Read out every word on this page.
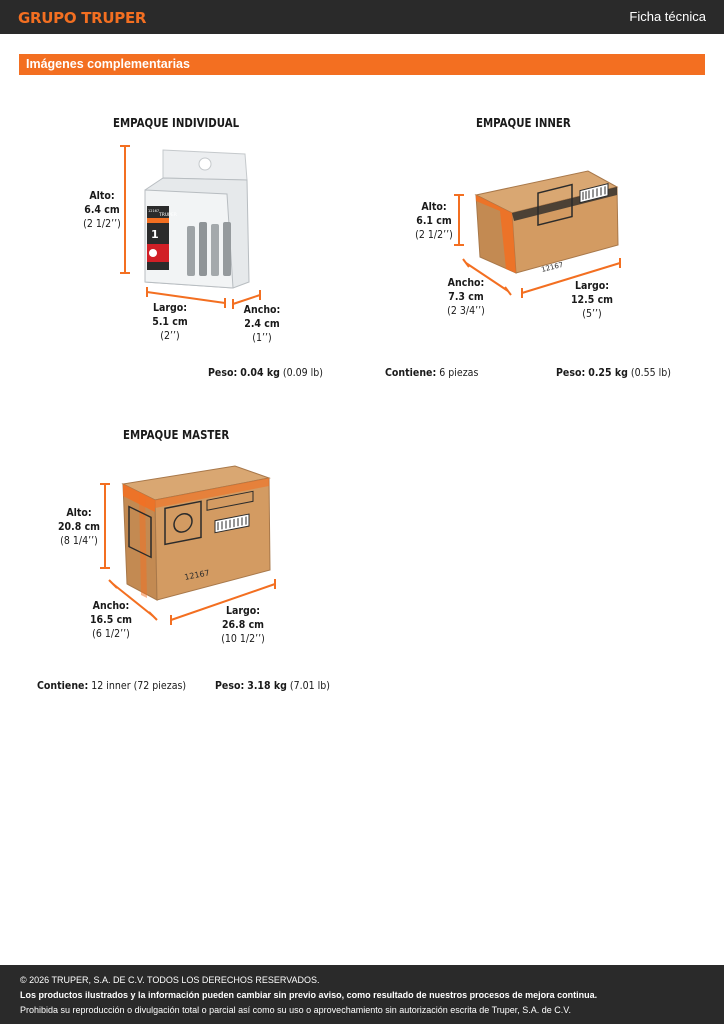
GRUPO TRUPER	Ficha técnica
Imágenes complementarias
EMPAQUE INDIVIDUAL
1
TRUPER
12167
Alto:
6.4 cm
(2 1/2’’)
Largo:
5.1 cm
(2’’)
Ancho:
2.4 cm
(1’’)
Peso: 0.04 kg (0.09 lb)
EMPAQUE INNER
12167
Alto:
6.1 cm
(2 1/2’’)
Ancho:
7.3 cm
(2 3/4’’)
Largo:
12.5 cm
(5’’)
Contiene: 6 piezas	Peso: 0.25 kg (0.55 lb)
EMPAQUE MASTER
12167
Alto:
20.8 cm
(8 1/4’’)
Ancho:
16.5 cm
(6 1/2’’)
Largo:
26.8 cm
(10 1/2’’)
Contiene: 12 inner (72 piezas)	Peso: 3.18 kg (7.01 lb)
© 2026 TRUPER, S.A. DE C.V. TODOS LOS DERECHOS RESERVADOS.
Los productos ilustrados y la información pueden cambiar sin previo aviso, como resultado de nuestros procesos de mejora continua.
Prohibida su reproducción o divulgación total o parcial así como su uso o aprovechamiento sin autorización escrita de Truper, S.A. de C.V.
